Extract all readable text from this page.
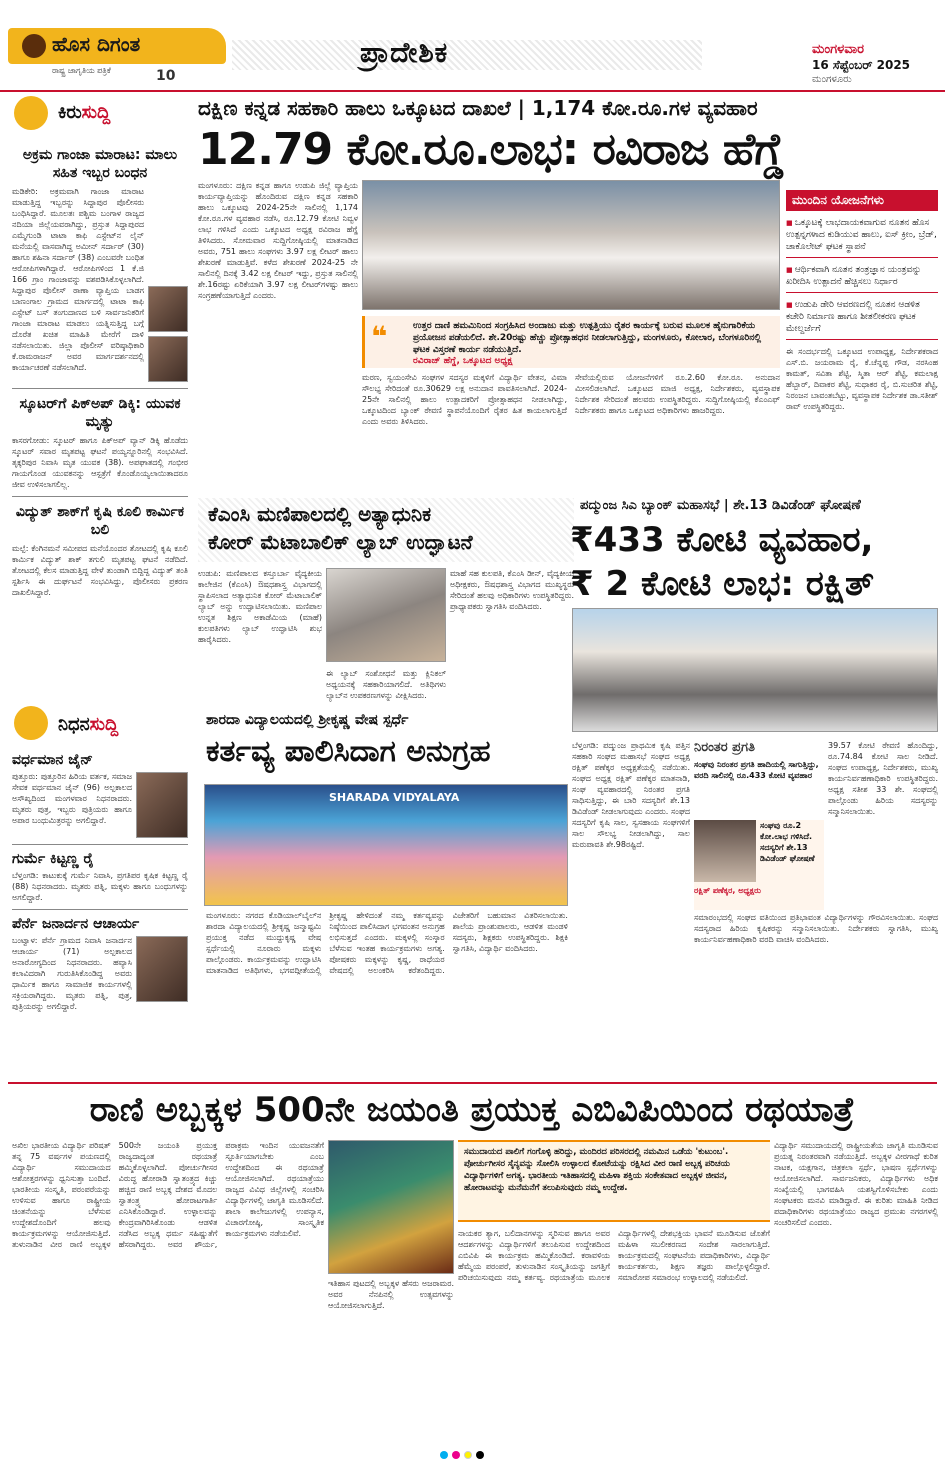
ಹೊಸ ದಿಗಂತ
ರಾಷ್ಟ್ರ ಜಾಗೃತಿಯ ಪತ್ರಿಕೆ	10
ಪ್ರಾದೇಶಿಕ	ಮಂಗಳವಾರ
16 ಸೆಪ್ಟೆಂಬರ್ 2025
ಮಂಗಳೂರು
ಕಿರುಸುದ್ದಿ
ಅಕ್ರಮ ಗಾಂಜಾ ಮಾರಾಟ: ಮಾಲು ಸಹಿತ ಇಬ್ಬರ ಬಂಧನ
ಮಡಿಕೇರಿ: ಅಕ್ರಮವಾಗಿ ಗಾಂಜಾ ಮಾರಾಟ ಮಾಡುತ್ತಿದ್ದ ಇಬ್ಬರನ್ನು ಸಿದ್ದಾಪುರ ಪೊಲೀಸರು ಬಂಧಿಸಿದ್ದಾರೆ. ಮೂಲತಃ ಪಶ್ಚಿಮ ಬಂಗಾಳ ರಾಜ್ಯದ ನದಿಯಾ ಜಿಲ್ಲೆಯವರಾಗಿದ್ದು, ಪ್ರಸ್ತುತ ಸಿದ್ದಾಪುರದ ಎಮ್ಮೆಗುಂಡಿ ಟಾಟಾ ಕಾಫಿ ಎಸ್ಟೇಟ್‌ನ ಲೈನ್ ಮನೆಯಲ್ಲಿ ವಾಸವಾಗಿದ್ದ ಅಮೀನ್ ಸರ್ದಾರ್ (30) ಹಾಗೂ ಶಹಿನಾ ಸರ್ದಾರ್ (38) ಎಂಬವರೇ ಬಂಧಿತ ಆರೋಪಿಗಳಾಗಿದ್ದಾರೆ. ಆರೋಪಿಗಳಿಂದ 1 ಕೆ.ಜಿ 166 ಗ್ರಾಂ ಗಾಂಜಾವನ್ನು ವಶಪಡಿಸಿಕೊಳ್ಳಲಾಗಿದೆ. ಸಿದ್ದಾಪುರ ಪೊಲೀಸ್ ಠಾಣಾ ವ್ಯಾಪ್ತಿಯ ಬಾಡಗ ಬಾಣಂಗಾಲ ಗ್ರಾಮದ ಮಾರ್ಗದಲ್ಲಿ ಟಾಟಾ ಕಾಫಿ ಎಸ್ಟೇಟ್ ಬಸ್ ತಂಗುದಾಣದ ಬಳಿ ಸಾರ್ವಜನಿಕರಿಗೆ ಗಾಂಜಾ ಮಾರಾಟ ಮಾಡಲು ಯತ್ನಿಸುತ್ತಿದ್ದ ಬಗ್ಗೆ ದೊರೆತ ಖಚಿತ ಮಾಹಿತಿ ಮೇರೆಗೆ ದಾಳಿ ನಡೆಸಲಾಯಿತು. ಜಿಲ್ಲಾ ಪೊಲೀಸ್ ವರಿಷ್ಠಾಧಿಕಾರಿ ಕೆ.ರಾಮರಾಜನ್ ಅವರ ಮಾರ್ಗದರ್ಶನದಲ್ಲಿ ಕಾರ್ಯಾಚರಣೆ ನಡೆಸಲಾಗಿದೆ.
ಸ್ಕೂಟರ್‌ಗೆ ಪಿಕ್‌ಅಪ್ ಡಿಕ್ಕಿ: ಯುವಕ ಮೃತ್ಯು
ಕಾಸರಗೋಡು: ಸ್ಕೂಟರ್ ಹಾಗೂ ಪಿಕ್‌ಅಪ್ ವ್ಯಾನ್ ಡಿಕ್ಕಿ ಹೊಡೆದು ಸ್ಕೂಟರ್ ಸವಾರ ಮೃತಪಟ್ಟ ಘಟನೆ ಪಯ್ಯನ್ನೂರಿನಲ್ಲಿ ಸಂಭವಿಸಿದೆ. ತೃಕ್ಕರಿಪುರ ನಿವಾಸಿ ಮೃತ ಯುವಕ (38). ಅಪಘಾತದಲ್ಲಿ ಗಂಭೀರ ಗಾಯಗೊಂಡ ಯುವಕನನ್ನು ಆಸ್ಪತ್ರೆಗೆ ಕೊಂಡೊಯ್ಯಲಾಯಿತಾದರೂ ಜೀವ ಉಳಿಸಲಾಗಲಿಲ್ಲ.
ವಿದ್ಯುತ್ ಶಾಕ್‌ಗೆ ಕೃಷಿ ಕೂಲಿ ಕಾರ್ಮಿಕ ಬಲಿ
ಮಲ್ಪೆ: ಕೆಂಗಿನಮನೆ ಸಮೀಪದ ಮನೆಯೊಂದರ ತೋಟದಲ್ಲಿ ಕೃಷಿ ಕೂಲಿ ಕಾರ್ಮಿಕ ವಿದ್ಯುತ್ ಶಾಕ್ ತಗುಲಿ ಮೃತಪಟ್ಟ ಘಟನೆ ನಡೆದಿದೆ. ತೋಟದಲ್ಲಿ ಕೆಲಸ ಮಾಡುತ್ತಿದ್ದ ವೇಳೆ ತುಂಡಾಗಿ ಬಿದ್ದಿದ್ದ ವಿದ್ಯುತ್ ತಂತಿ ಸ್ಪರ್ಶಿಸಿ ಈ ದುರ್ಘಟನೆ ಸಂಭವಿಸಿದ್ದು, ಪೊಲೀಸರು ಪ್ರಕರಣ ದಾಖಲಿಸಿದ್ದಾರೆ.
ದಕ್ಷಿಣ ಕನ್ನಡ ಸಹಕಾರಿ ಹಾಲು ಒಕ್ಕೂಟದ ದಾಖಲೆ | 1,174 ಕೋ.ರೂ.ಗಳ ವ್ಯವಹಾರ
12.79 ಕೋ.ರೂ.ಲಾಭ: ರವಿರಾಜ ಹೆಗ್ಡೆ
ಮಂಗಳೂರು: ದಕ್ಷಿಣ ಕನ್ನಡ ಹಾಗೂ ಉಡುಪಿ ಜಿಲ್ಲೆ ವ್ಯಾಪ್ತಿಯ ಕಾರ್ಯವ್ಯಾಪ್ತಿಯನ್ನು ಹೊಂದಿರುವ ದಕ್ಷಿಣ ಕನ್ನಡ ಸಹಕಾರಿ ಹಾಲು ಒಕ್ಕೂಟವು 2024-25ನೇ ಸಾಲಿನಲ್ಲಿ 1,174 ಕೋ.ರೂ.ಗಳ ವ್ಯವಹಾರ ನಡೆಸಿ, ರೂ.12.79 ಕೋಟಿ ನಿವ್ವಳ ಲಾಭ ಗಳಿಸಿದೆ ಎಂದು ಒಕ್ಕೂಟದ ಅಧ್ಯಕ್ಷ ರವಿರಾಜ ಹೆಗ್ಡೆ ತಿಳಿಸಿದರು. ಸೋಮವಾರ ಸುದ್ದಿಗೋಷ್ಠಿಯಲ್ಲಿ ಮಾತನಾಡಿದ ಅವರು, 751 ಹಾಲು ಸಂಘಗಳು 3.97 ಲಕ್ಷ ಲೀಟರ್ ಹಾಲು ಶೇಖರಣೆ ಮಾಡುತ್ತಿವೆ. ಕಳೆದ ಶೇಖರಣೆ 2024-25 ನೇ ಸಾಲಿನಲ್ಲಿ ದಿನಕ್ಕೆ 3.42 ಲಕ್ಷ ಲೀಟರ್ ಇದ್ದು, ಪ್ರಸ್ತುತ ಸಾಲಿನಲ್ಲಿ ಶೇ.16ರಷ್ಟು ಏರಿಕೆಯಾಗಿ 3.97 ಲಕ್ಷ ಲೀಟರ್‌ಗಳಷ್ಟು ಹಾಲು ಸಂಗ್ರಹಣೆಯಾಗುತ್ತಿದೆ ಎಂದರು.
❝	ಉತ್ತರ ದಾಣಿ ಹಮಮಿನಿಂದ ಸಂಗ್ರಹಿಸಿದ ಅಂದಾಜು ಮತ್ತು ಉತ್ಪತ್ತಿಯು ರೈತರ ಕಾರ್ಯಕ್ಕೆ ಬರುವ ಮೂಲಕ ಹೈನುಗಾರಿಕೆಯ ಪ್ರಯೋಜನ ಪಡೆಯಲಿದೆ. ಶೇ.20ರಷ್ಟು ಹೆಚ್ಚು ಪ್ರೋತ್ಸಾಹಧನ ನೀಡಲಾಗುತ್ತಿದ್ದು, ಮಂಗಳೂರು, ಕೋಲಾರ, ಬೆಂಗಳೂರಿನಲ್ಲಿ ಘಟಕ ವಿಸ್ತರಣೆ ಕಾರ್ಯ ನಡೆಯುತ್ತಿದೆ.
ರವಿರಾಜ್ ಹೆಗ್ಡೆ, ಒಕ್ಕೂಟದ ಅಧ್ಯಕ್ಷ
ಮರಣ, ಸ್ವಯಂಸೇವಿ ಸಂಘಗಳ ಸದಸ್ಯರ ಮಕ್ಕಳಿಗೆ ವಿದ್ಯಾರ್ಥಿ ವೇತನ, ವಿಮಾ ಸೌಲಭ್ಯ ಸೇರಿದಂತೆ ರೂ.30629 ಲಕ್ಷ ಅನುದಾನ ಪಾವತಿಸಲಾಗಿದೆ. 2024-25ನೇ ಸಾಲಿನಲ್ಲಿ ಹಾಲು ಉತ್ಪಾದಕರಿಗೆ ಪ್ರೋತ್ಸಾಹಧನ ನೀಡಲಾಗಿದ್ದು, ಒಕ್ಕೂಟದಿಂದ ಬ್ಯಾಂಕ್ ಠೇವಣಿ ಸ್ಥಾಪನೆಯೊಂದಿಗೆ ರೈತರ ಹಿತ ಕಾಯಲಾಗುತ್ತಿದೆ ಎಂದು ಅವರು ತಿಳಿಸಿದರು.
ಸೇವೆಯಲ್ಲಿರುವ ಯೋಜನೆಗಳಿಗೆ ರೂ.2.60 ಕೋ.ರೂ. ಅನುದಾನ ಮೀಸಲಿಡಲಾಗಿದೆ. ಒಕ್ಕೂಟದ ಮಾಜಿ ಅಧ್ಯಕ್ಷ, ನಿರ್ದೇಶಕರು, ವ್ಯವಸ್ಥಾಪಕ ನಿರ್ದೇಶಕ ಸೇರಿದಂತೆ ಹಲವರು ಉಪಸ್ಥಿತರಿದ್ದರು. ಸುದ್ದಿಗೋಷ್ಠಿಯಲ್ಲಿ ಕೆಎಂಎಫ್ ನಿರ್ದೇಶಕರು ಹಾಗೂ ಒಕ್ಕೂಟದ ಅಧಿಕಾರಿಗಳು ಹಾಜರಿದ್ದರು.
ಮುಂದಿನ ಯೋಜನೆಗಳು
■ ಒಕ್ಕೂಟಕ್ಕೆ ಲಾಭದಾಯಕವಾಗುವ ನೂತನ ಹೊಸ ಉತ್ಪನ್ನಗಳಾದ ಕುಡಿಯುವ ಹಾಲು, ಐಸ್ ಕ್ರೀಂ, ಬ್ರೆಡ್, ಚಾಕೊಲೇಟ್ ಘಟಕ ಸ್ಥಾಪನೆ
■ ಆರ್ಥಿಕವಾಗಿ ನೂತನ ತಂತ್ರಜ್ಞಾನ ಯಂತ್ರವನ್ನು ಖರೀದಿಸಿ ಉತ್ಪಾದನೆ ಹೆಚ್ಚಿಸಲು ನಿರ್ಧಾರ
■ ಉಡುಪಿ ಡೇರಿ ಆವರಣದಲ್ಲಿ ನೂತನ ಆಡಳಿತ ಕಚೇರಿ ನಿರ್ಮಾಣ ಹಾಗೂ ಶೀತಲೀಕರಣ ಘಟಕ ಮೇಲ್ದರ್ಜೆಗೆ
ಈ ಸಂದರ್ಭದಲ್ಲಿ ಒಕ್ಕೂಟದ ಉಪಾಧ್ಯಕ್ಷ, ನಿರ್ದೇಶಕರಾದ ಎಸ್.ಬಿ. ಜಯರಾಮ ರೈ, ಕೆ.ಚೆನ್ನಪ್ಪ ಗೌಡ, ನರಸಿಂಹ ಕಾಮತ್, ಸವಿತಾ ಶೆಟ್ಟಿ, ಸ್ಮಿತಾ ಆರ್ ಶೆಟ್ಟಿ, ಕಮಲಾಕ್ಷ ಹೆಬ್ಬಾರ್, ದಿವಾಕರ ಶೆಟ್ಟಿ, ಸುಧಾಕರ ರೈ, ಬಿ.ಸುಚರಿತ ಶೆಟ್ಟಿ, ನಿರಂಜನ ಬಾವಂತಬೆಟ್ಟು, ವ್ಯವಸ್ಥಾಪಕ ನಿರ್ದೇಶಕ ಡಾ.ಸತೀಶ್ ರಾವ್ ಉಪಸ್ಥಿತರಿದ್ದರು.
ಕೆಎಂಸಿ ಮಣಿಪಾಲದಲ್ಲಿ ಅತ್ಯಾಧುನಿಕ
ಕೋರ್ ಮೆಟಾಬಾಲಿಕ್ ಲ್ಯಾಬ್ ಉದ್ಘಾಟನೆ
ಉಡುಪಿ: ಮಣಿಪಾಲದ ಕಸ್ತೂರ್ಬಾ ವೈದ್ಯಕೀಯ ಕಾಲೇಜಿನ (ಕೆಎಂಸಿ) ಔಷಧಶಾಸ್ತ್ರ ವಿಭಾಗದಲ್ಲಿ ಸ್ಥಾಪಿಸಲಾದ ಅತ್ಯಾಧುನಿಕ ಕೋರ್ ಮೆಟಾಬಾಲಿಕ್ ಲ್ಯಾಬ್ ಅನ್ನು ಉದ್ಘಾಟಿಸಲಾಯಿತು. ಮಣಿಪಾಲ ಉನ್ನತ ಶಿಕ್ಷಣ ಅಕಾಡೆಮಿಯ (ಮಾಹೆ) ಕುಲಪತಿಗಳು ಲ್ಯಾಬ್ ಉದ್ಘಾಟಿಸಿ ಶುಭ ಹಾರೈಸಿದರು.
ಈ ಲ್ಯಾಬ್ ಸಂಶೋಧನೆ ಮತ್ತು ಕ್ಲಿನಿಕಲ್ ಅಧ್ಯಯನಕ್ಕೆ ಸಹಕಾರಿಯಾಗಲಿದೆ. ಅತಿಥಿಗಳು ಲ್ಯಾಬ್‌ನ ಉಪಕರಣಗಳನ್ನು ವೀಕ್ಷಿಸಿದರು.
ಮಾಹೆ ಸಹ ಕುಲಪತಿ, ಕೆಎಂಸಿ ಡೀನ್, ವೈದ್ಯಕೀಯ ಅಧೀಕ್ಷಕರು, ಔಷಧಶಾಸ್ತ್ರ ವಿಭಾಗದ ಮುಖ್ಯಸ್ಥರು ಸೇರಿದಂತೆ ಹಲವು ಅಧಿಕಾರಿಗಳು ಉಪಸ್ಥಿತರಿದ್ದರು. ಪ್ರಾಧ್ಯಾಪಕರು ಸ್ವಾಗತಿಸಿ ವಂದಿಸಿದರು.
ಪದ್ಮುಂಜ ಸಿಎ ಬ್ಯಾಂಕ್ ಮಹಾಸಭೆ | ಶೇ.13 ಡಿವಿಡೆಂಡ್ ಘೋಷಣೆ
₹433 ಕೋಟಿ ವ್ಯವಹಾರ,
₹ 2 ಕೋಟಿ ಲಾಭ: ರಕ್ಷಿತ್
ಬೆಳ್ತಂಗಡಿ: ಪದ್ಮುಂಜ ಪ್ರಾಥಮಿಕ ಕೃಷಿ ಪತ್ತಿನ ಸಹಕಾರಿ ಸಂಘದ ಮಹಾಸಭೆ ಸಂಘದ ಅಧ್ಯಕ್ಷ ರಕ್ಷಿತ್ ಪಣೆಕ್ಕರ ಅಧ್ಯಕ್ಷತೆಯಲ್ಲಿ ನಡೆಯಿತು. ಸಂಘದ ಅಧ್ಯಕ್ಷ ರಕ್ಷಿತ್ ಪಣೆಕ್ಕರ ಮಾತನಾಡಿ, ಸಂಘ ವ್ಯವಹಾರದಲ್ಲಿ ನಿರಂತರ ಪ್ರಗತಿ ಸಾಧಿಸುತ್ತಿದ್ದು, ಈ ಬಾರಿ ಸದಸ್ಯರಿಗೆ ಶೇ.13 ಡಿವಿಡೆಂಡ್ ನೀಡಲಾಗುವುದು ಎಂದರು. ಸಂಘದ ಸದಸ್ಯರಿಗೆ ಕೃಷಿ ಸಾಲ, ಸ್ವಸಹಾಯ ಸಂಘಗಳಿಗೆ ಸಾಲ ಸೌಲಭ್ಯ ನೀಡಲಾಗಿದ್ದು, ಸಾಲ ಮರುಪಾವತಿ ಶೇ.98ರಷ್ಟಿದೆ.
ನಿರಂತರ ಪ್ರಗತಿ
ಸಂಘವು ನಿರಂತರ ಪ್ರಗತಿ ಹಾದಿಯಲ್ಲಿ ಸಾಗುತ್ತಿದ್ದು, ವರದಿ ಸಾಲಿನಲ್ಲಿ ರೂ.433 ಕೋಟಿ ವ್ಯವಹಾರ
ಸಂಘವು ರೂ.2 ಕೋ.ಲಾಭ ಗಳಿಸಿದೆ. ಸದಸ್ಯರಿಗೆ ಶೇ.13 ಡಿವಿಡೆಂಡ್ ಘೋಷಣೆ
ರಕ್ಷಿತ್ ಪಣೆಕ್ಕರ, ಅಧ್ಯಕ್ಷರು
39.57 ಕೋಟಿ ಠೇವಣಿ ಹೊಂದಿದ್ದು, ರೂ.74.84 ಕೋಟಿ ಸಾಲ ನೀಡಿದೆ. ಸಂಘದ ಉಪಾಧ್ಯಕ್ಷ, ನಿರ್ದೇಶಕರು, ಮುಖ್ಯ ಕಾರ್ಯನಿರ್ವಹಣಾಧಿಕಾರಿ ಉಪಸ್ಥಿತರಿದ್ದರು. ಅಧ್ಯಕ್ಷ ಸತೀಶ 33 ಶೇ. ಸಂಘದಲ್ಲಿ ಪಾಲ್ಗೊಂಡು ಹಿರಿಯ ಸದಸ್ಯರನ್ನು ಸನ್ಮಾನಿಸಲಾಯಿತು.
ಸಮಾರಂಭದಲ್ಲಿ ಸಂಘದ ವತಿಯಿಂದ ಪ್ರತಿಭಾವಂತ ವಿದ್ಯಾರ್ಥಿಗಳನ್ನು ಗೌರವಿಸಲಾಯಿತು. ಸಂಘದ ಸದಸ್ಯರಾದ ಹಿರಿಯ ಕೃಷಿಕರನ್ನು ಸನ್ಮಾನಿಸಲಾಯಿತು. ನಿರ್ದೇಶಕರು ಸ್ವಾಗತಿಸಿ, ಮುಖ್ಯ ಕಾರ್ಯನಿರ್ವಹಣಾಧಿಕಾರಿ ವರದಿ ವಾಚಿಸಿ ವಂದಿಸಿದರು.
ಶಾರದಾ ವಿದ್ಯಾಲಯದಲ್ಲಿ ಶ್ರೀಕೃಷ್ಣ ವೇಷ ಸ್ಪರ್ಧೆ
ಕರ್ತವ್ಯ ಪಾಲಿಸಿದಾಗ ಅನುಗ್ರಹ
SHARADA VIDYALAYA
ಮಂಗಳೂರು: ನಗರದ ಕೊಡಿಯಾಲ್‌ಬೈಲ್‌ನ ಶಾರದಾ ವಿದ್ಯಾಲಯದಲ್ಲಿ ಶ್ರೀಕೃಷ್ಣ ಜನ್ಮಾಷ್ಟಮಿ ಪ್ರಯುಕ್ತ ನಡೆದ ಮುದ್ದುಕೃಷ್ಣ ವೇಷ ಸ್ಪರ್ಧೆಯಲ್ಲಿ ನೂರಾರು ಮಕ್ಕಳು ಪಾಲ್ಗೊಂಡರು. ಕಾರ್ಯಕ್ರಮವನ್ನು ಉದ್ಘಾಟಿಸಿ ಮಾತನಾಡಿದ ಅತಿಥಿಗಳು, ಭಗವದ್ಗೀತೆಯಲ್ಲಿ ಶ್ರೀಕೃಷ್ಣ ಹೇಳಿದಂತೆ ನಮ್ಮ ಕರ್ತವ್ಯವನ್ನು ನಿಷ್ಠೆಯಿಂದ ಪಾಲಿಸಿದಾಗ ಭಗವಂತನ ಅನುಗ್ರಹ ಲಭಿಸುತ್ತದೆ ಎಂದರು. ಮಕ್ಕಳಲ್ಲಿ ಸಂಸ್ಕಾರ ಬೆಳೆಸುವ ಇಂತಹ ಕಾರ್ಯಕ್ರಮಗಳು ಅಗತ್ಯ. ಪೋಷಕರು ಮಕ್ಕಳನ್ನು ಕೃಷ್ಣ, ರಾಧೆಯರ ವೇಷದಲ್ಲಿ ಅಲಂಕರಿಸಿ ಕರೆತಂದಿದ್ದರು. ವಿಜೇತರಿಗೆ ಬಹುಮಾನ ವಿತರಿಸಲಾಯಿತು. ಶಾಲೆಯ ಪ್ರಾಂಶುಪಾಲರು, ಆಡಳಿತ ಮಂಡಳಿ ಸದಸ್ಯರು, ಶಿಕ್ಷಕರು ಉಪಸ್ಥಿತರಿದ್ದರು. ಶಿಕ್ಷಕಿ ಸ್ವಾಗತಿಸಿ, ವಿದ್ಯಾರ್ಥಿ ವಂದಿಸಿದರು.
ನಿಧನಸುದ್ದಿ
ವರ್ಧಮಾನ ಜೈನ್
ಪುತ್ತೂರು: ಪುತ್ತೂರಿನ ಹಿರಿಯ ವರ್ತಕ, ಸಮಾಜ ಸೇವಕ ವರ್ಧಮಾನ ಜೈನ್ (96) ಅಲ್ಪಕಾಲದ ಅಸೌಖ್ಯದಿಂದ ಮಂಗಳವಾರ ನಿಧನರಾದರು. ಮೃತರು ಪುತ್ರ, ಇಬ್ಬರು ಪುತ್ರಿಯರು ಹಾಗೂ ಅಪಾರ ಬಂಧುಮಿತ್ರರನ್ನು ಅಗಲಿದ್ದಾರೆ.
ಗುರ್ಮೆ ಕಿಟ್ಟಣ್ಣ ರೈ
ಬೆಳ್ತಂಗಡಿ: ಕಾಟುಕುಕ್ಕೆ ಗುರ್ಮೆ ನಿವಾಸಿ, ಪ್ರಗತಿಪರ ಕೃಷಿಕ ಕಿಟ್ಟಣ್ಣ ರೈ (88) ನಿಧನರಾದರು. ಮೃತರು ಪತ್ನಿ, ಮಕ್ಕಳು ಹಾಗೂ ಬಂಧುಗಳನ್ನು ಅಗಲಿದ್ದಾರೆ.
ಪೆರ್ನೆ ಜನಾರ್ದನ ಆಚಾರ್ಯ
ಬಂಟ್ವಾಳ: ಪೆರ್ನೆ ಗ್ರಾಮದ ನಿವಾಸಿ ಜನಾರ್ದನ ಆಚಾರ್ಯ (71) ಅಲ್ಪಕಾಲದ ಅನಾರೋಗ್ಯದಿಂದ ನಿಧನರಾದರು. ಹವ್ಯಾಸಿ ಕಲಾವಿದರಾಗಿ ಗುರುತಿಸಿಕೊಂಡಿದ್ದ ಅವರು ಧಾರ್ಮಿಕ ಹಾಗೂ ಸಾಮಾಜಿಕ ಕಾರ್ಯಗಳಲ್ಲಿ ಸಕ್ರಿಯರಾಗಿದ್ದರು. ಮೃತರು ಪತ್ನಿ, ಪುತ್ರ, ಪುತ್ರಿಯರನ್ನು ಅಗಲಿದ್ದಾರೆ.
ರಾಣಿ ಅಬ್ಬಕ್ಕಳ 500ನೇ ಜಯಂತಿ ಪ್ರಯುಕ್ತ ಎಬಿವಿಪಿಯಿಂದ ರಥಯಾತ್ರೆ
ಅಖಿಲ ಭಾರತೀಯ ವಿದ್ಯಾರ್ಥಿ ಪರಿಷತ್ ತನ್ನ 75 ವರ್ಷಗಳ ಪಯಣದಲ್ಲಿ ವಿದ್ಯಾರ್ಥಿ ಸಮುದಾಯದ ಆಶೋತ್ತರಗಳನ್ನು ಧ್ವನಿಸುತ್ತಾ ಬಂದಿದೆ. ಭಾರತೀಯ ಸಂಸ್ಕೃತಿ, ಪರಂಪರೆಯನ್ನು ಉಳಿಸುವ ಹಾಗೂ ರಾಷ್ಟ್ರೀಯ ಚಿಂತನೆಯನ್ನು ಬೆಳೆಸುವ ಉದ್ದೇಶದೊಂದಿಗೆ ಹಲವು ಕಾರ್ಯಕ್ರಮಗಳನ್ನು ಆಯೋಜಿಸುತ್ತಿದೆ. ತುಳುನಾಡಿನ ವೀರ ರಾಣಿ ಅಬ್ಬಕ್ಕಳ 500ನೇ ಜಯಂತಿ ಪ್ರಯುಕ್ತ ರಾಜ್ಯದಾದ್ಯಂತ ರಥಯಾತ್ರೆ ಹಮ್ಮಿಕೊಳ್ಳಲಾಗಿದೆ. ಪೋರ್ಚುಗೀಸರ ವಿರುದ್ಧ ಹೋರಾಡಿ ಸ್ವಾತಂತ್ರ್ಯದ ಕಿಚ್ಚು ಹಚ್ಚಿದ ರಾಣಿ ಅಬ್ಬಕ್ಕ ದೇಶದ ಮೊದಲ ಸ್ವಾತಂತ್ರ್ಯ ಹೋರಾಟಗಾರ್ತಿ ಎನಿಸಿಕೊಂಡಿದ್ದಾರೆ. ಉಳ್ಳಾಲವನ್ನು ಕೇಂದ್ರವಾಗಿರಿಸಿಕೊಂಡು ಆಡಳಿತ ನಡೆಸಿದ ಅಬ್ಬಕ್ಕ ಧರ್ಮ ಸಹಿಷ್ಣುತೆಗೆ ಹೆಸರಾಗಿದ್ದರು. ಅವರ ಶೌರ್ಯ, ಪರಾಕ್ರಮ ಇಂದಿನ ಯುವಜನತೆಗೆ ಸ್ಫೂರ್ತಿಯಾಗಬೇಕು ಎಂಬ ಉದ್ದೇಶದಿಂದ ಈ ರಥಯಾತ್ರೆ ಆಯೋಜಿಸಲಾಗಿದೆ. ರಥಯಾತ್ರೆಯು ರಾಜ್ಯದ ವಿವಿಧ ಜಿಲ್ಲೆಗಳಲ್ಲಿ ಸಂಚರಿಸಿ ವಿದ್ಯಾರ್ಥಿಗಳಲ್ಲಿ ಜಾಗೃತಿ ಮೂಡಿಸಲಿದೆ. ಶಾಲಾ ಕಾಲೇಜುಗಳಲ್ಲಿ ಉಪನ್ಯಾಸ, ವಿಚಾರಗೋಷ್ಠಿ, ಸಾಂಸ್ಕೃತಿಕ ಕಾರ್ಯಕ್ರಮಗಳು ನಡೆಯಲಿವೆ.
ಸಮುದಾಯದ ಪಾಲಿಗೆ ಗಂಗೊಳ್ಳಿ ಹರಿದ್ದು, ಮಂದಿರದ ಪರಿಸರದಲ್ಲಿ ನಮಮಿನ ಒಡೆಯ 'ಕುಟುಂಬ'. ಪೋರ್ಚುಗೀಸರ ಸೈನ್ಯವನ್ನು ಸೋಲಿಸಿ ಉಳ್ಳಾಲದ ಕೋಟೆಯನ್ನು ರಕ್ಷಿಸಿದ ವೀರ ರಾಣಿ ಅಬ್ಬಕ್ಕ ಪರಿಚಯ ವಿದ್ಯಾರ್ಥಿಗಳಿಗೆ ಅಗತ್ಯ. ಭಾರತೀಯ ಇತಿಹಾಸದಲ್ಲಿ ಮಹಿಳಾ ಶಕ್ತಿಯ ಸಂಕೇತವಾದ ಅಬ್ಬಕ್ಕಳ ಜೀವನ, ಹೋರಾಟವನ್ನು ಮನೆಮನೆಗೆ ತಲುಪಿಸುವುದು ನಮ್ಮ ಉದ್ದೇಶ.
ಇತಿಹಾಸ ಪುಟದಲ್ಲಿ ಅಬ್ಬಕ್ಕಳ ಹೆಸರು ಅಜರಾಮರ. ಅವರ ನೆನಪಿನಲ್ಲಿ ಉತ್ಸವಗಳನ್ನು ಆಯೋಜಿಸಲಾಗುತ್ತಿದೆ.
ನಾಯಕರ ತ್ಯಾಗ, ಬಲಿದಾನಗಳನ್ನು ಸ್ಮರಿಸುವ ಹಾಗೂ ಅವರ ಆದರ್ಶಗಳನ್ನು ವಿದ್ಯಾರ್ಥಿಗಳಿಗೆ ತಲುಪಿಸುವ ಉದ್ದೇಶದಿಂದ ಎಬಿವಿಪಿ ಈ ಕಾರ್ಯಕ್ರಮ ಹಮ್ಮಿಕೊಂಡಿದೆ. ಕರಾವಳಿಯ ಹೆಮ್ಮೆಯ ಪರಂಪರೆ, ತುಳುನಾಡಿನ ಸಂಸ್ಕೃತಿಯನ್ನು ಜಗತ್ತಿಗೆ ಪರಿಚಯಿಸುವುದು ನಮ್ಮ ಕರ್ತವ್ಯ. ರಥಯಾತ್ರೆಯ ಮೂಲಕ ವಿದ್ಯಾರ್ಥಿಗಳಲ್ಲಿ ದೇಶಭಕ್ತಿಯ ಭಾವನೆ ಮೂಡಿಸುವ ಜೊತೆಗೆ ಮಹಿಳಾ ಸಬಲೀಕರಣದ ಸಂದೇಶ ಸಾರಲಾಗುತ್ತಿದೆ. ಕಾರ್ಯಕ್ರಮದಲ್ಲಿ ಸಂಘಟನೆಯ ಪದಾಧಿಕಾರಿಗಳು, ವಿದ್ಯಾರ್ಥಿ ಕಾರ್ಯಕರ್ತರು, ಶಿಕ್ಷಣ ತಜ್ಞರು ಪಾಲ್ಗೊಳ್ಳಲಿದ್ದಾರೆ. ಸಮಾರೋಪ ಸಮಾರಂಭ ಉಳ್ಳಾಲದಲ್ಲಿ ನಡೆಯಲಿದೆ.
ವಿದ್ಯಾರ್ಥಿ ಸಮುದಾಯದಲ್ಲಿ ರಾಷ್ಟ್ರೀಯತೆಯ ಜಾಗೃತಿ ಮೂಡಿಸುವ ಪ್ರಯತ್ನ ನಿರಂತರವಾಗಿ ನಡೆಯುತ್ತಿದೆ. ಅಬ್ಬಕ್ಕಳ ವೀರಗಾಥೆ ಕುರಿತ ನಾಟಕ, ಯಕ್ಷಗಾನ, ಚಿತ್ರಕಲಾ ಸ್ಪರ್ಧೆ, ಭಾಷಣ ಸ್ಪರ್ಧೆಗಳನ್ನು ಆಯೋಜಿಸಲಾಗಿದೆ. ಸಾರ್ವಜನಿಕರು, ವಿದ್ಯಾರ್ಥಿಗಳು ಅಧಿಕ ಸಂಖ್ಯೆಯಲ್ಲಿ ಭಾಗವಹಿಸಿ ಯಶಸ್ವಿಗೊಳಿಸಬೇಕು ಎಂದು ಸಂಘಟಕರು ಮನವಿ ಮಾಡಿದ್ದಾರೆ. ಈ ಕುರಿತು ಮಾಹಿತಿ ನೀಡಿದ ಪದಾಧಿಕಾರಿಗಳು ರಥಯಾತ್ರೆಯು ರಾಜ್ಯದ ಪ್ರಮುಖ ನಗರಗಳಲ್ಲಿ ಸಂಚರಿಸಲಿದೆ ಎಂದರು.
